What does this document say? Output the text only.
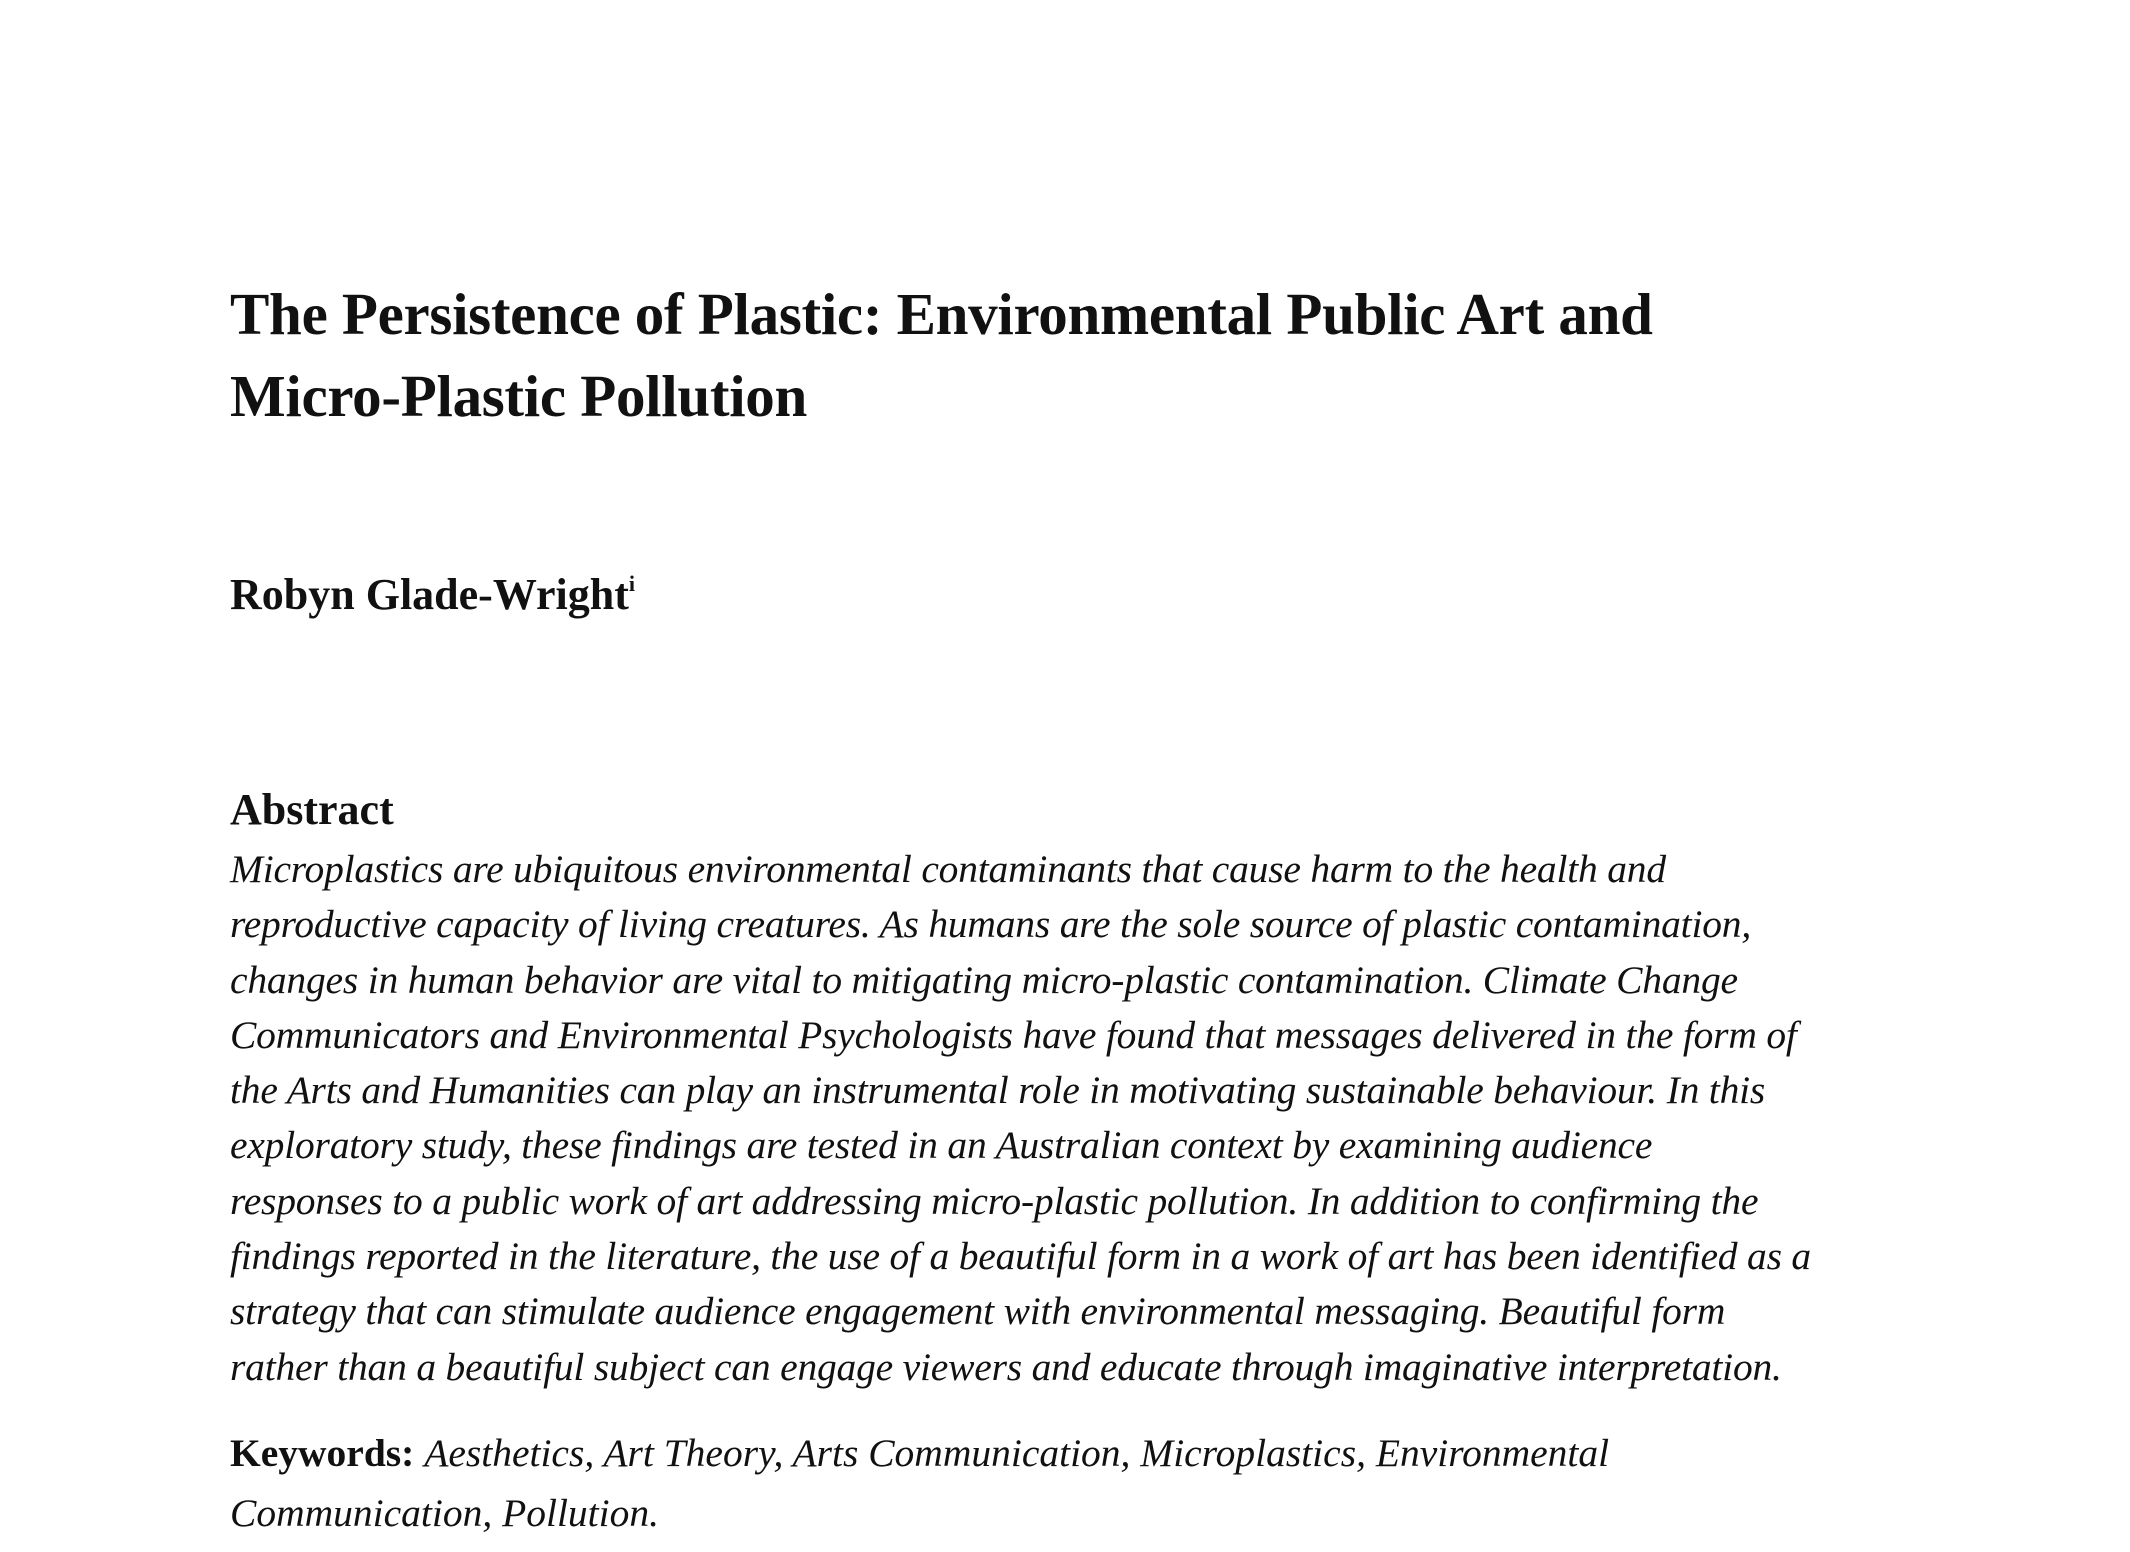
The Persistence of Plastic: Environmental Public Art and
Micro-Plastic Pollution

Robyn Glade-Wright$^i$

Abstract

Microplastics are ubiquitous environmental contaminants that cause harm to the health and
reproductive capacity of living creatures. As humans are the sole source of plastic contamination,
changes in human behavior are vital to mitigating micro-plastic contamination. Climate Change
Communicators and Environmental Psychologists have found that messages delivered in the form of
the Arts and Humanities can play an instrumental role in motivating sustainable behaviour. In this
exploratory study, these findings are tested in an Australian context by examining audience
responses to a public work of art addressing micro-plastic pollution. In addition to confirming the
findings reported in the literature, the use of a beautiful form in a work of art has been identified as a
strategy that can stimulate audience engagement with environmental messaging. Beautiful form
rather than a beautiful subject can engage viewers and educate through imaginative interpretation.

Keywords: Aesthetics, Art Theory, Arts Communication, Microplastics, Environmental
Communication, Pollution.
